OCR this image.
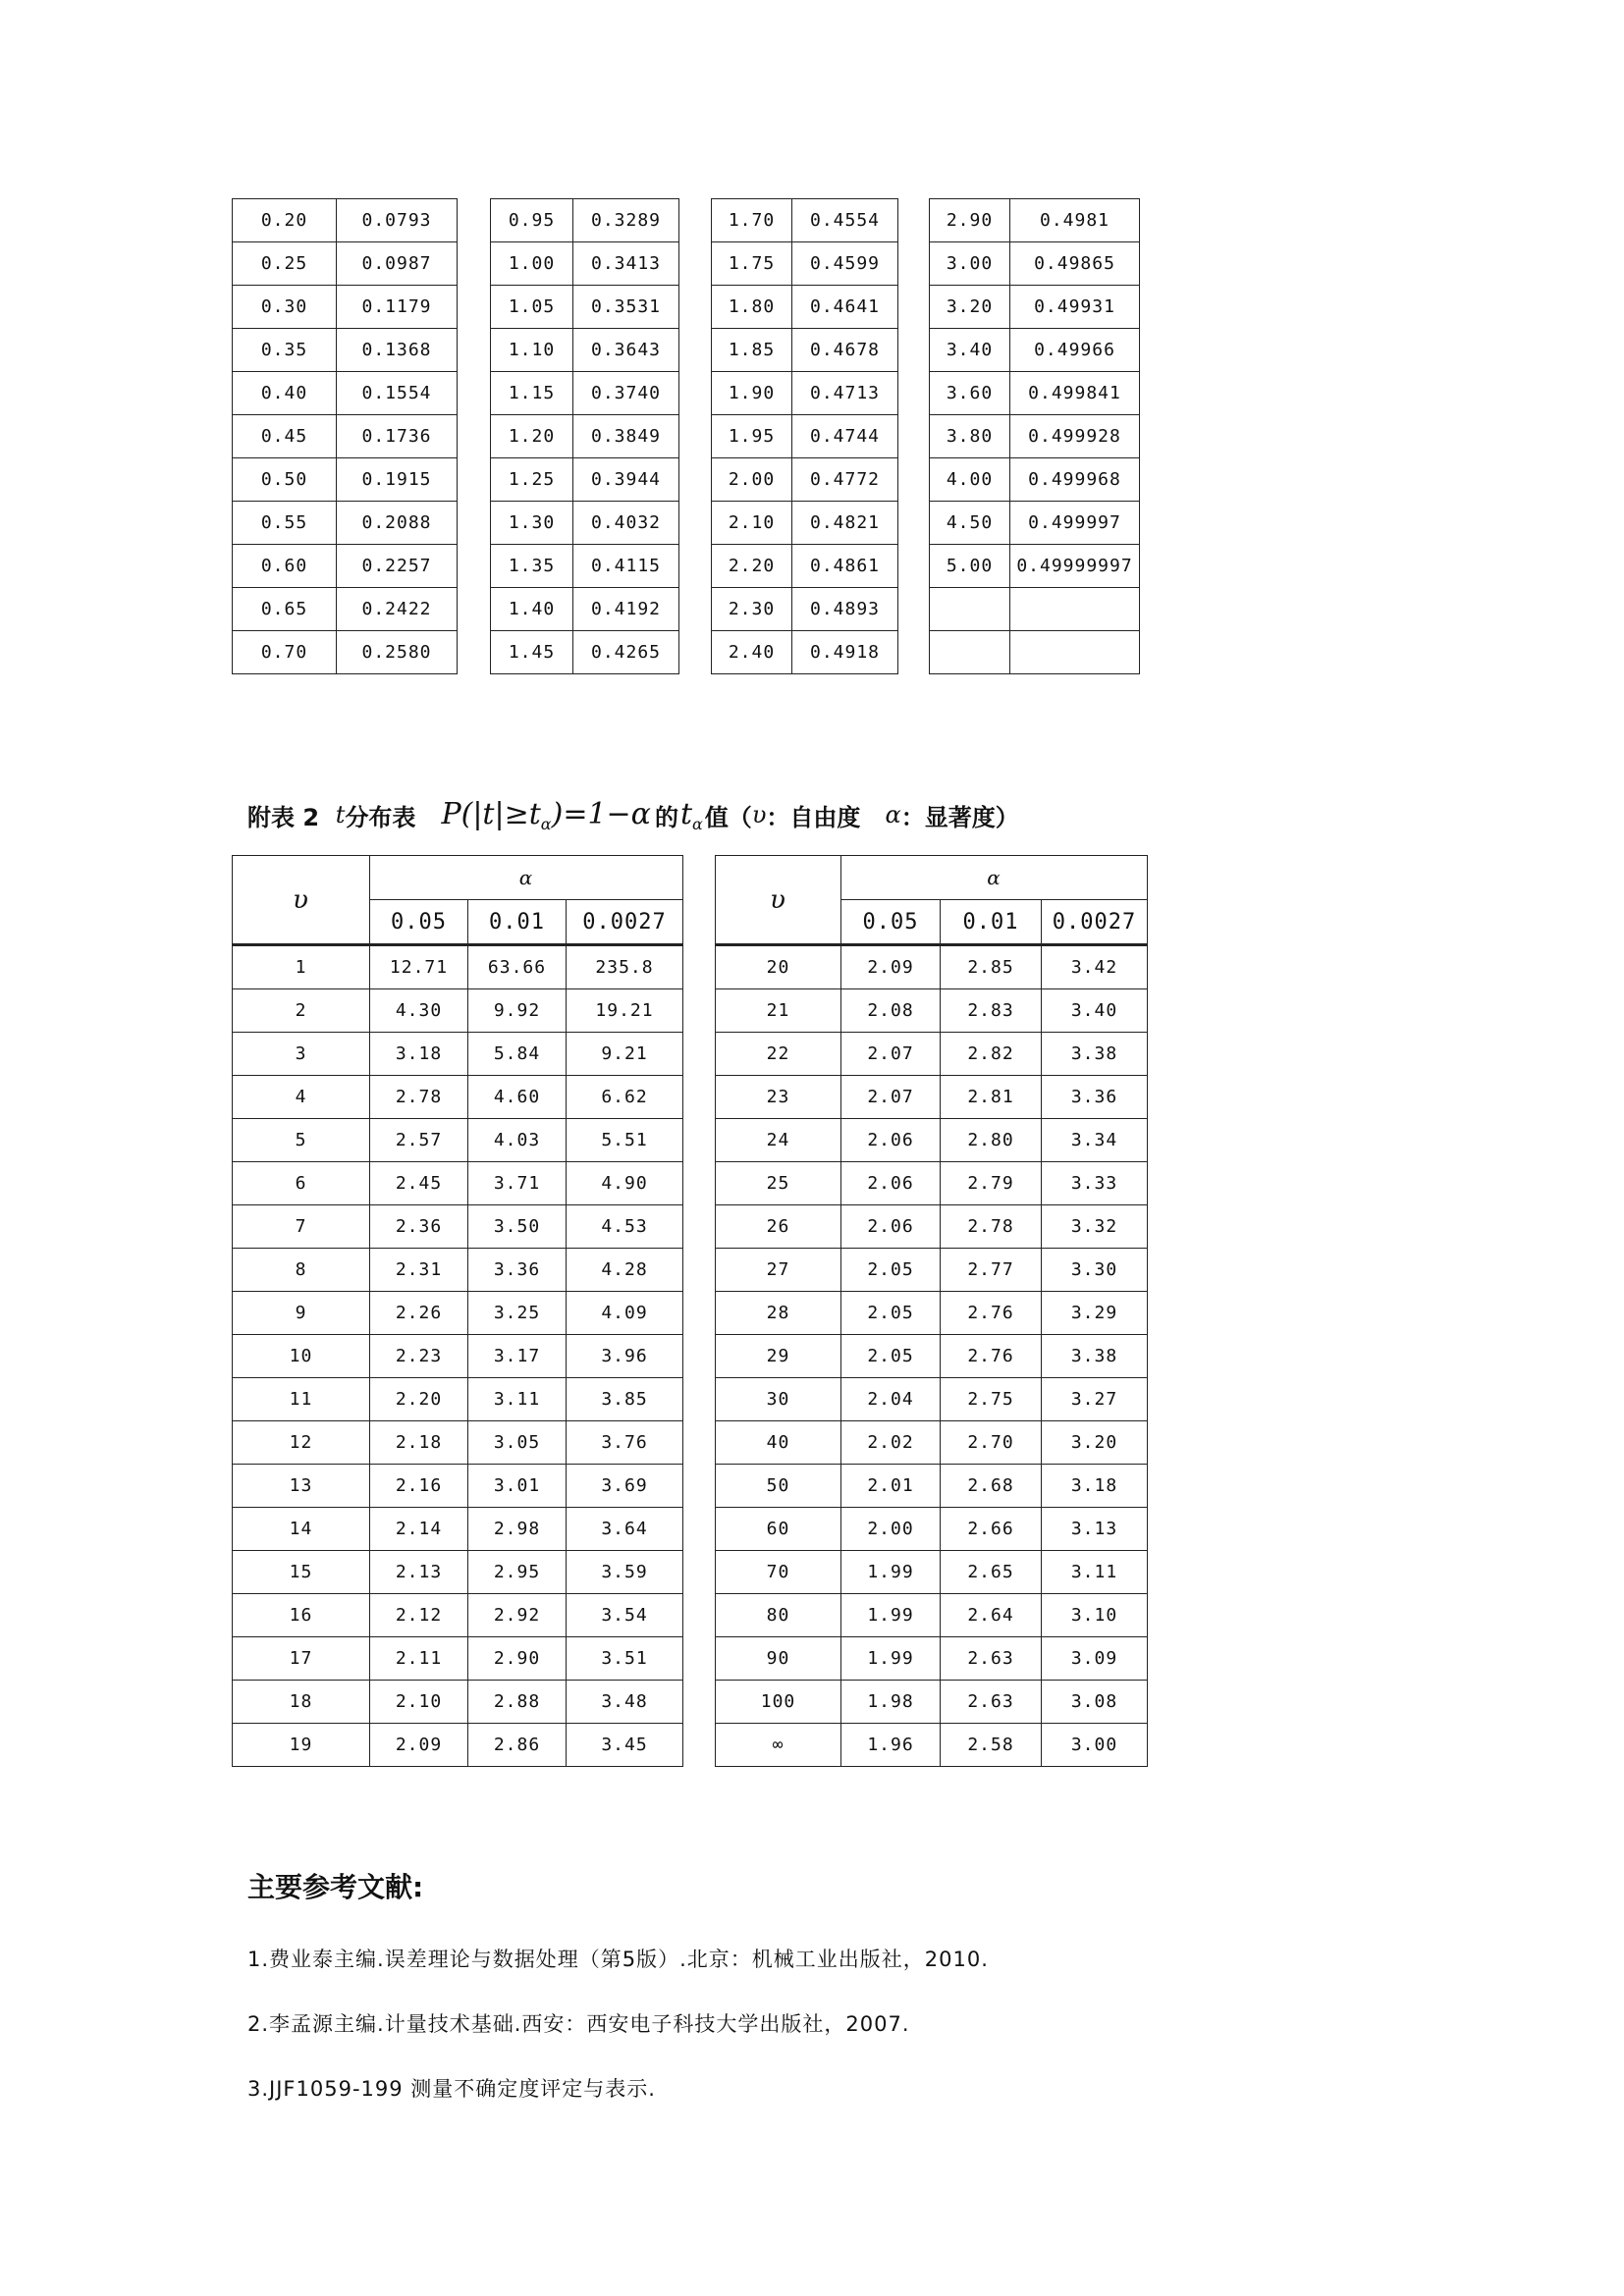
0.20	0.0793		0.95	0.3289		1.70	0.4554		2.90	0.4981
0.25	0.0987		1.00	0.3413		1.75	0.4599		3.00	0.49865
0.30	0.1179		1.05	0.3531		1.80	0.4641		3.20	0.49931
0.35	0.1368		1.10	0.3643		1.85	0.4678		3.40	0.49966
0.40	0.1554		1.15	0.3740		1.90	0.4713		3.60	0.499841
0.45	0.1736		1.20	0.3849		1.95	0.4744		3.80	0.499928
0.50	0.1915		1.25	0.3944		2.00	0.4772		4.00	0.499968
0.55	0.2088		1.30	0.4032		2.10	0.4821		4.50	0.499997
0.60	0.2257		1.35	0.4115		2.20	0.4861		5.00	0.49999997
0.65	0.2422		1.40	0.4192		2.30	0.4893			
0.70	0.2580		1.45	0.4265		2.40	0.4918			
附表 2
t 分布表 $P(|t|\ge t_\alpha)=1-\alpha$ 的 $t_\alpha$ 值（ υ ：自由度
α ：显著度）
υ	α				υ	α		
	0.05	0.01	0.0027			0.05	0.01	0.0027
1	12.71	63.66	235.8		20	2.09	2.85	3.42
2	4.30	9.92	19.21		21	2.08	2.83	3.40
3	3.18	5.84	9.21		22	2.07	2.82	3.38
4	2.78	4.60	6.62		23	2.07	2.81	3.36
5	2.57	4.03	5.51		24	2.06	2.80	3.34
6	2.45	3.71	4.90		25	2.06	2.79	3.33
7	2.36	3.50	4.53		26	2.06	2.78	3.32
8	2.31	3.36	4.28		27	2.05	2.77	3.30
9	2.26	3.25	4.09		28	2.05	2.76	3.29
10	2.23	3.17	3.96		29	2.05	2.76	3.38
11	2.20	3.11	3.85		30	2.04	2.75	3.27
12	2.18	3.05	3.76		40	2.02	2.70	3.20
13	2.16	3.01	3.69		50	2.01	2.68	3.18
14	2.14	2.98	3.64		60	2.00	2.66	3.13
15	2.13	2.95	3.59		70	1.99	2.65	3.11
16	2.12	2.92	3.54		80	1.99	2.64	3.10
17	2.11	2.90	3.51		90	1.99	2.63	3.09
18	2.10	2.88	3.48		100	1.98	2.63	3.08
19	2.09	2.86	3.45		∞	1.96	2.58	3.00
主要参考文献:
1.费业泰主编.误差理论与数据处理（第5版）.北京：机械工业出版社，2010.
2.李孟源主编.计量技术基础.西安：西安电子科技大学出版社，2007.
3.JJF1059-199 测量不确定度评定与表示.
